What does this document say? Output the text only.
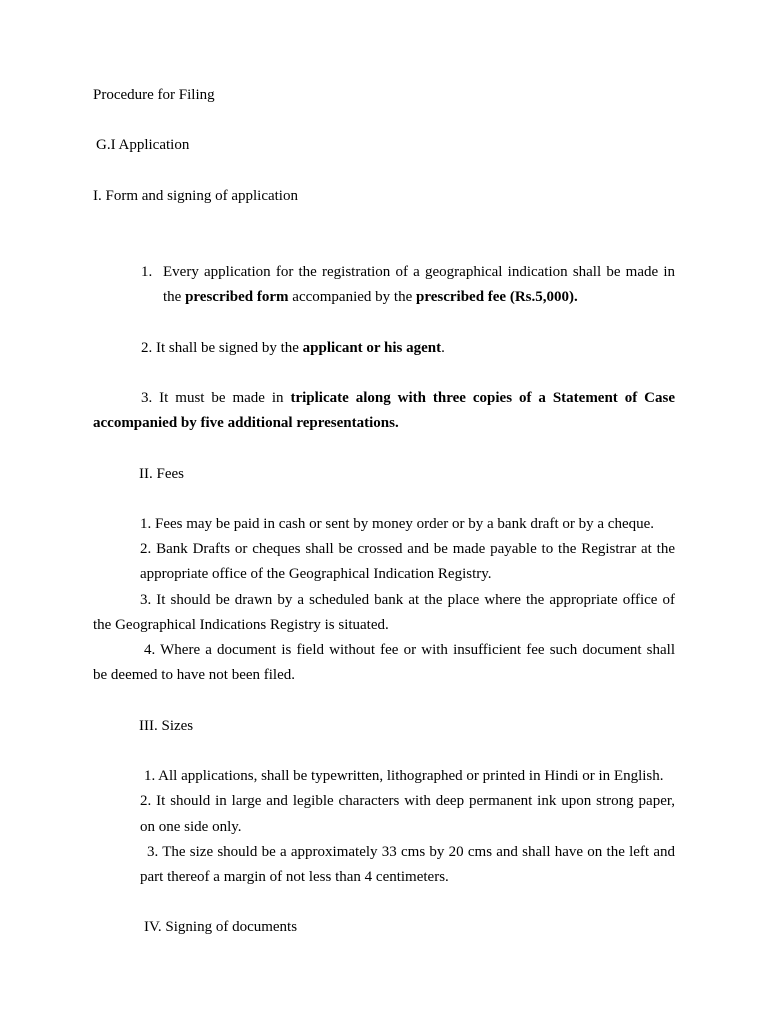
Procedure for Filing
G.I Application
I. Form and signing of application
1. Every application for the registration of a geographical indication shall be made in
the prescribed form accompanied by the prescribed fee (Rs.5,000).
2. It shall be signed by the applicant or his agent.
3. It must be made in triplicate along with three copies of a Statement of Case
accompanied by five additional representations.
II. Fees
1. Fees may be paid in cash or sent by money order or by a bank draft or by a cheque.
2. Bank Drafts or cheques shall be crossed and be made payable to the Registrar at the
appropriate office of the Geographical Indication Registry.
3. It should be drawn by a scheduled bank at the place where the appropriate office of
the Geographical Indications Registry is situated.
4. Where a document is field without fee or with insufficient fee such document shall
be deemed to have not been filed.
III. Sizes
1. All applications, shall be typewritten, lithographed or printed in Hindi or in English.
2. It should in large and legible characters with deep permanent ink upon strong paper,
on one side only.
3. The size should be a approximately 33 cms by 20 cms and shall have on the left and
part thereof a margin of not less than 4 centimeters.
IV. Signing of documents
